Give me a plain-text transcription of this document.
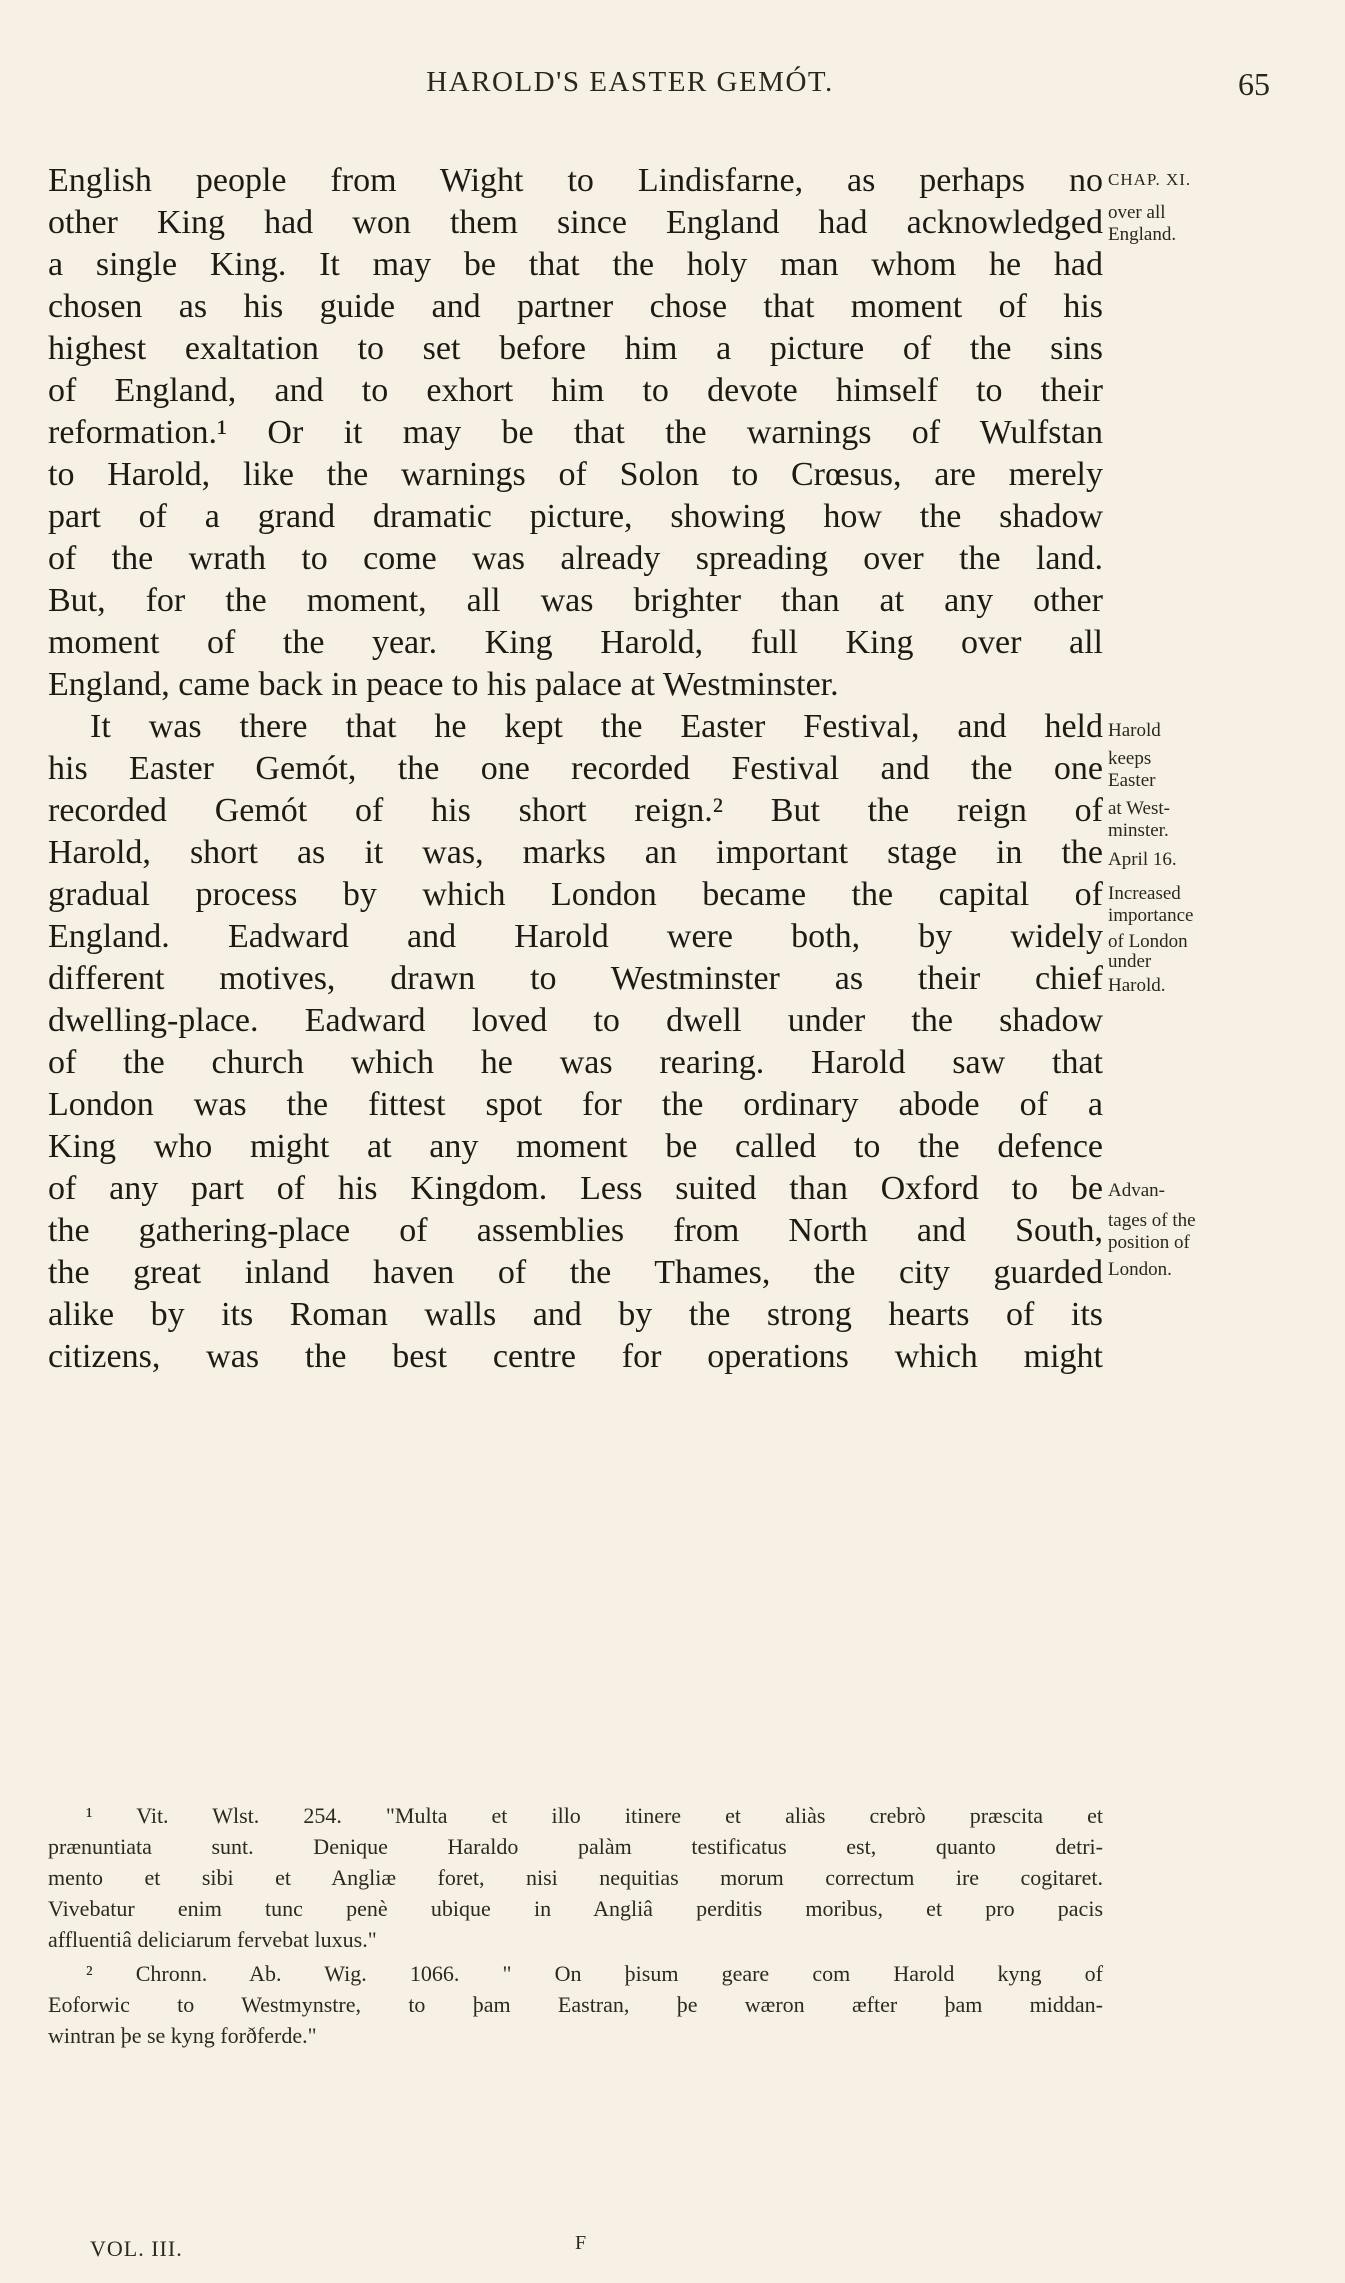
HAROLD'S EASTER GEMÓT.	65
English people from Wight to Lindisfarne, as perhaps no
other King had won them since England had acknowledged
a single King. It may be that the holy man whom he had
chosen as his guide and partner chose that moment of his
highest exaltation to set before him a picture of the sins
of England, and to exhort him to devote himself to their
reformation.¹ Or it may be that the warnings of Wulfstan
to Harold, like the warnings of Solon to Crœsus, are merely
part of a grand dramatic picture, showing how the shadow
of the wrath to come was already spreading over the land.
But, for the moment, all was brighter than at any other
moment of the year. King Harold, full King over all
England, came back in peace to his palace at Westminster.
It was there that he kept the Easter Festival, and held
his Easter Gemót, the one recorded Festival and the one
recorded Gemót of his short reign.² But the reign of
Harold, short as it was, marks an important stage in the
gradual process by which London became the capital of
England. Eadward and Harold were both, by widely
different motives, drawn to Westminster as their chief
dwelling-place. Eadward loved to dwell under the shadow
of the church which he was rearing. Harold saw that
London was the fittest spot for the ordinary abode of a
King who might at any moment be called to the defence
of any part of his Kingdom. Less suited than Oxford to be
the gathering-place of assemblies from North and South,
the great inland haven of the Thames, the city guarded
alike by its Roman walls and by the strong hearts of its
citizens, was the best centre for operations which might
CHAP. XI.
over all
England.
Harold
keeps
Easter
at West-
minster.
April 16.
Increased
importance
of London
under
Harold.
Advan-
tages of the
position of
London.
¹ Vit. Wlst. 254. "Multa et illo itinere et aliàs crebrò præscita et
prænuntiata sunt. Denique Haraldo palàm testificatus est, quanto detri-
mento et sibi et Angliæ foret, nisi nequitias morum correctum ire cogitaret.
Vivebatur enim tunc penè ubique in Angliâ perditis moribus, et pro pacis
affluentiâ deliciarum fervebat luxus."
² Chronn. Ab. Wig. 1066. " On þisum geare com Harold kyng of
Eoforwic to Westmynstre, to þam Eastran, þe wæron æfter þam middan-
wintran þe se kyng forðferde."
VOL. III.	F
